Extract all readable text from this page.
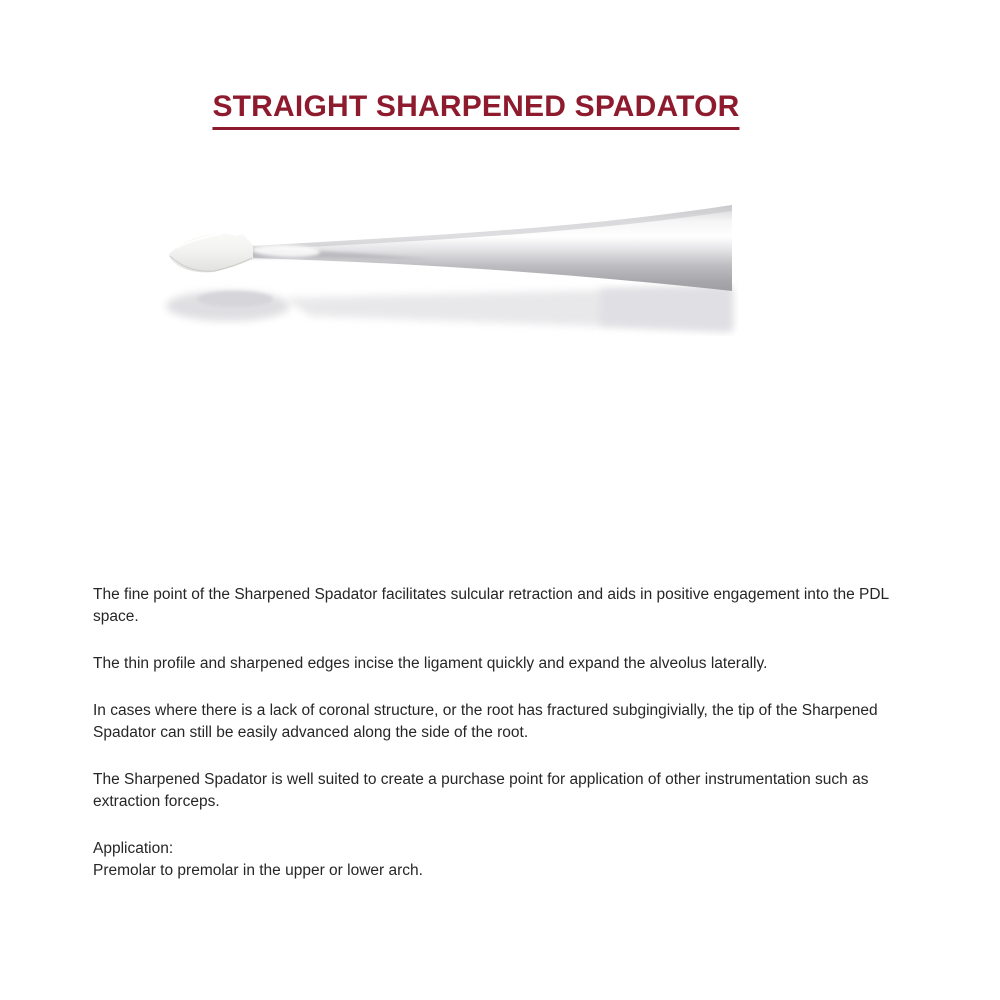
STRAIGHT SHARPENED SPADATOR

The fine point of the Sharpened Spadator facilitates sulcular retraction and aids in positive engagement into the PDL space.

The thin profile and sharpened edges incise the ligament quickly and expand the alveolus laterally.

In cases where there is a lack of coronal structure, or the root has fractured subgingivially, the tip of the Sharpened Spadator can still be easily advanced along the side of the root.

The Sharpened Spadator is well suited to create a purchase point for application of other instrumentation such as extraction forceps.

Application:
Premolar to premolar in the upper or lower arch.
